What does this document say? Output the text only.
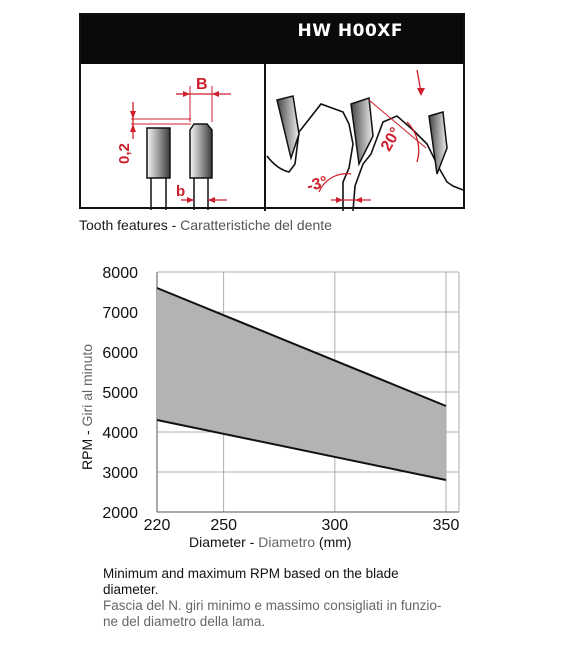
HW H00XF
B
0,2
b
20°
-3°
Tooth features - Caratteristiche del dente
2000
3000
4000
5000
6000
7000
8000
220 250	300	350
RPM - Giri al minuto
Diameter - Diametro (mm)
Minimum and maximum RPM based on the blade
diameter.
Fascia del N. giri minimo e massimo consigliati in funzio-
ne del diametro della lama.
